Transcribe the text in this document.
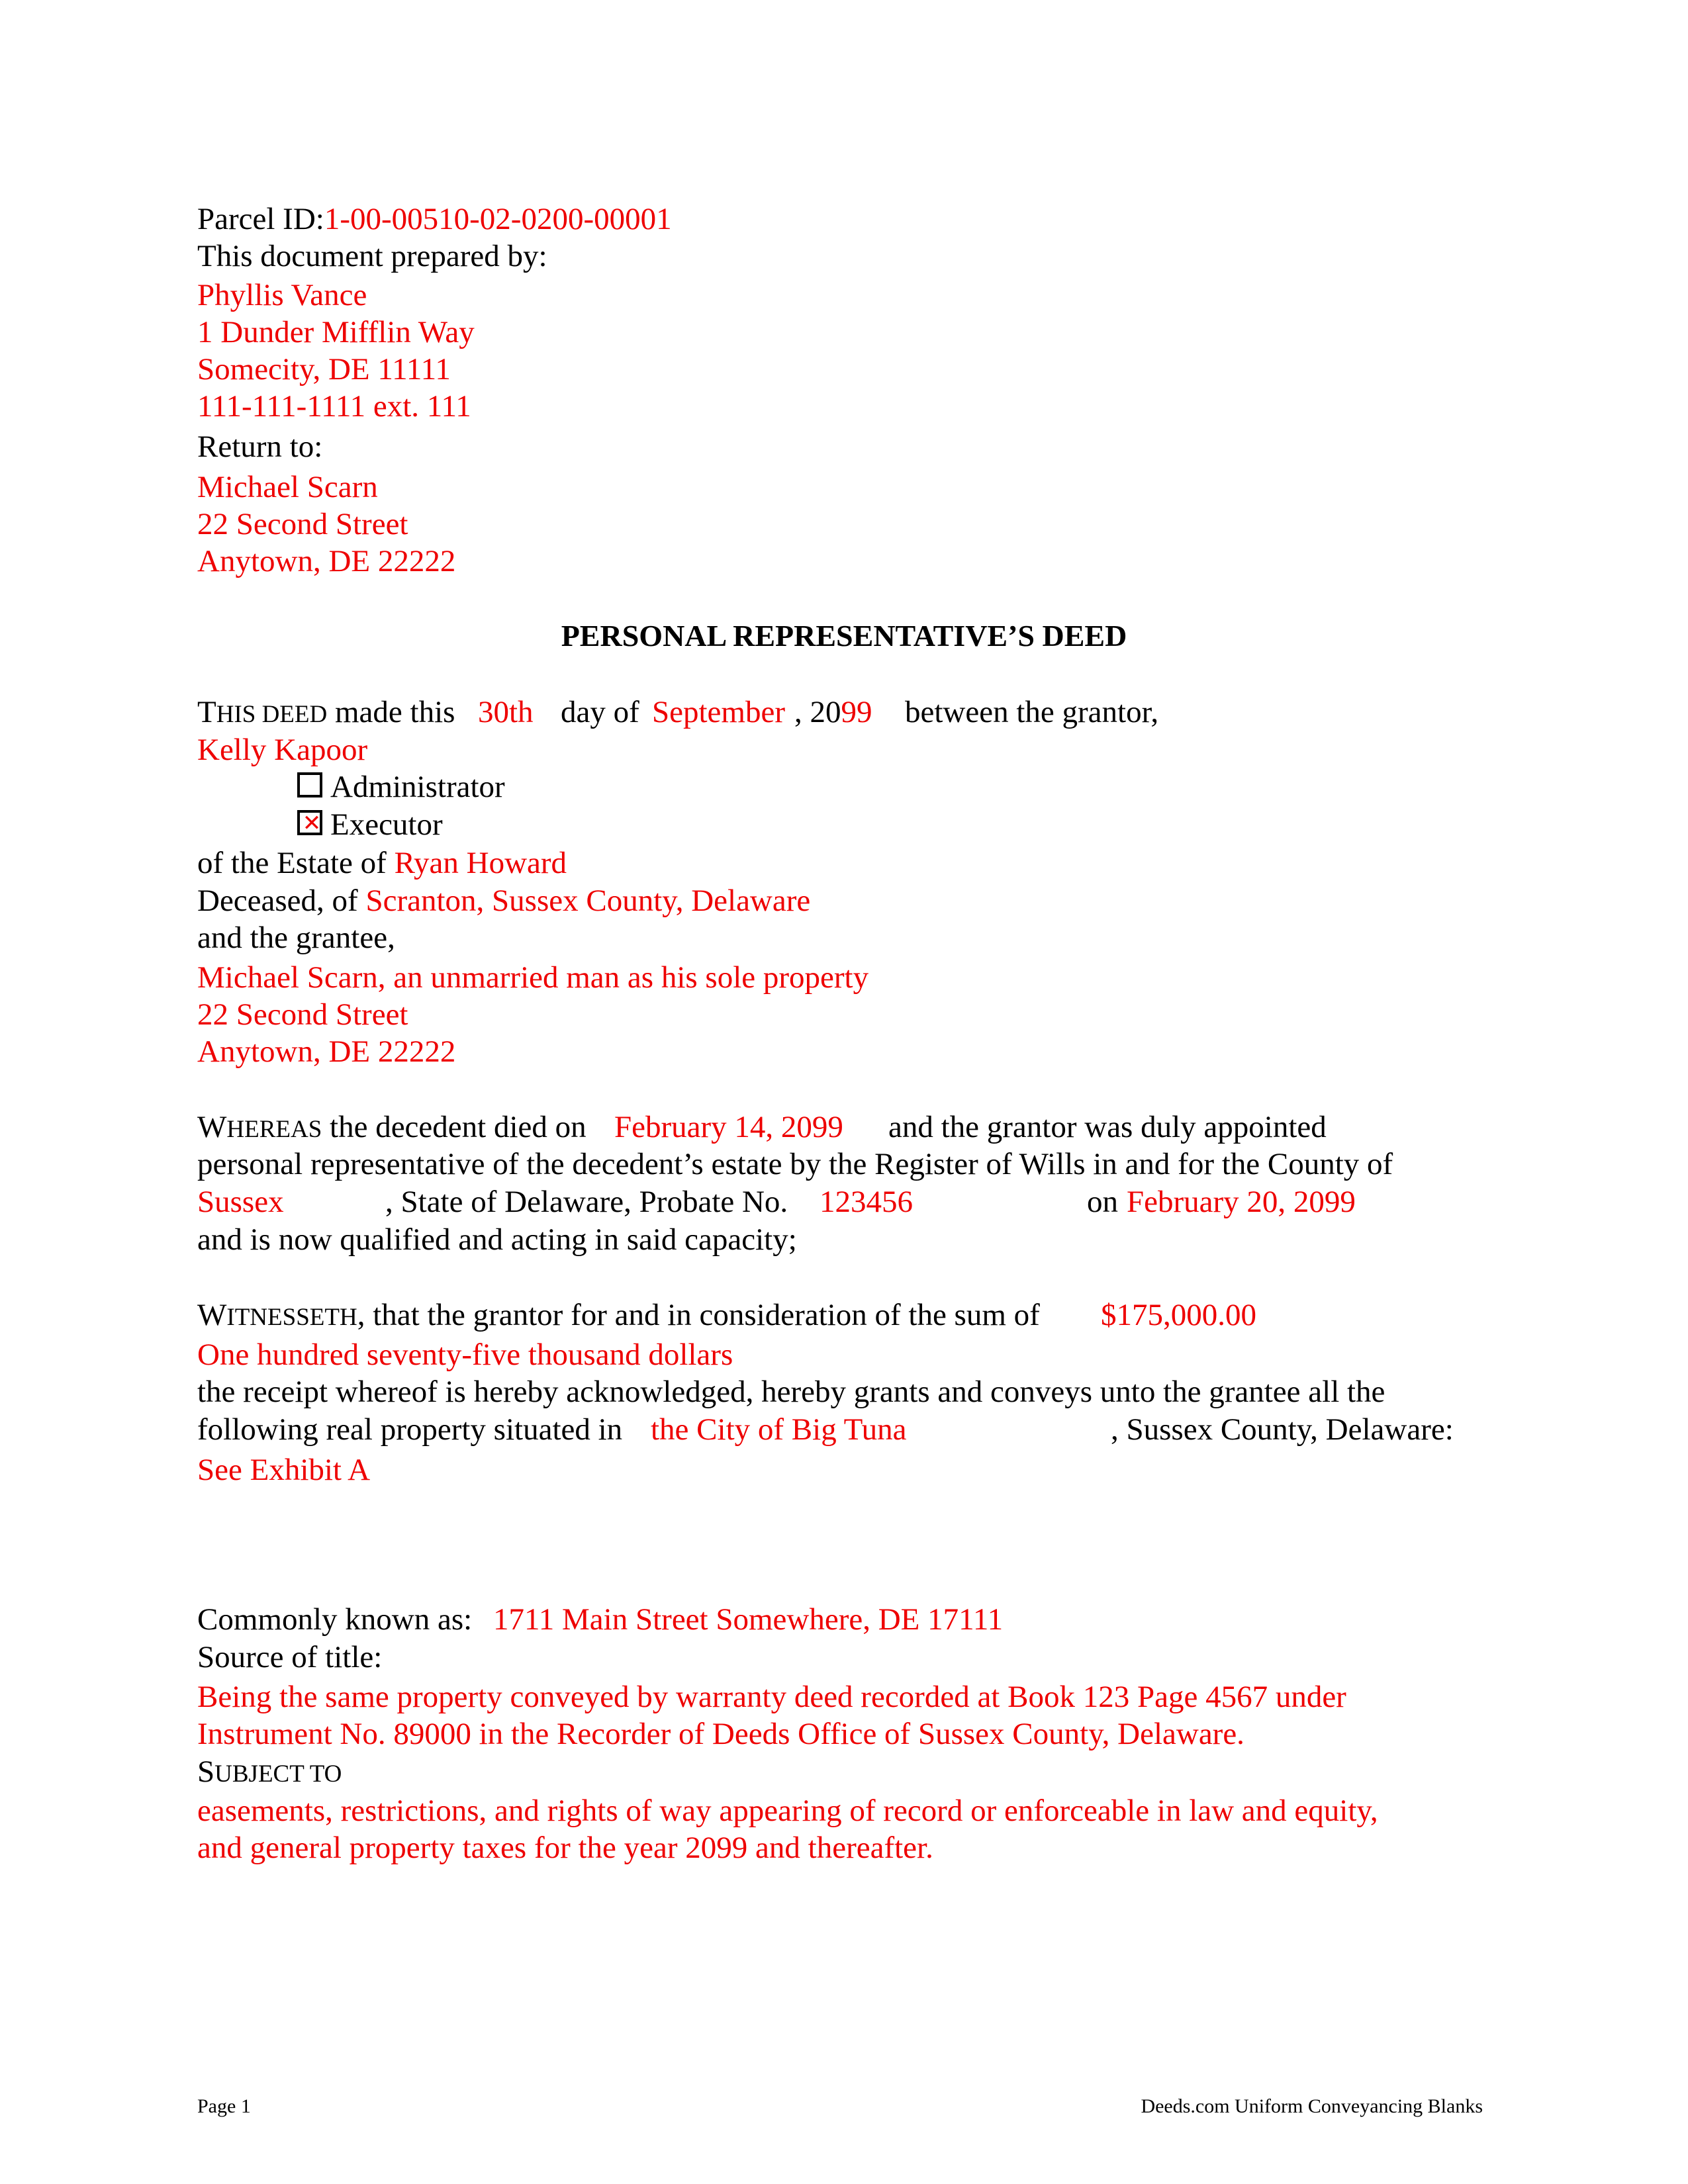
Parcel ID:1-00-00510-02-0200-00001
This document prepared by:
Phyllis Vance
1 Dunder Mifflin Way
Somecity, DE 11111
111-111-1111 ext. 111
Return to:
Michael Scarn
22 Second Street
Anytown, DE 22222
PERSONAL REPRESENTATIVE’S DEED
THIS DEED made this 30th day of September , 2099 between the grantor,
Kelly Kapoor
Administrator
✕ Executor
of the Estate of Ryan Howard
Deceased, of Scranton, Sussex County, Delaware
and the grantee,
Michael Scarn, an unmarried man as his sole property
22 Second Street
Anytown, DE 22222
WHEREAS the decedent died on February 14, 2099 and the grantor was duly appointed
personal representative of the decedent’s estate by the Register of Wills in and for the County of
Sussex	, State of Delaware, Probate No. 123456	on February 20, 2099
and is now qualified and acting in said capacity;
WITNESSETH, that the grantor for and in consideration of the sum of $175,000.00
One hundred seventy-five thousand dollars
the receipt whereof is hereby acknowledged, hereby grants and conveys unto the grantee all the
following real property situated in the City of Big Tuna	, Sussex County, Delaware:
See Exhibit A
Commonly known as: 1711 Main Street Somewhere, DE 17111
Source of title:
Being the same property conveyed by warranty deed recorded at Book 123 Page 4567 under
Instrument No. 89000 in the Recorder of Deeds Office of Sussex County, Delaware.
SUBJECT TO
easements, restrictions, and rights of way appearing of record or enforceable in law and equity,
and general property taxes for the year 2099 and thereafter.
Page 1	Deeds.com Uniform Conveyancing Blanks
